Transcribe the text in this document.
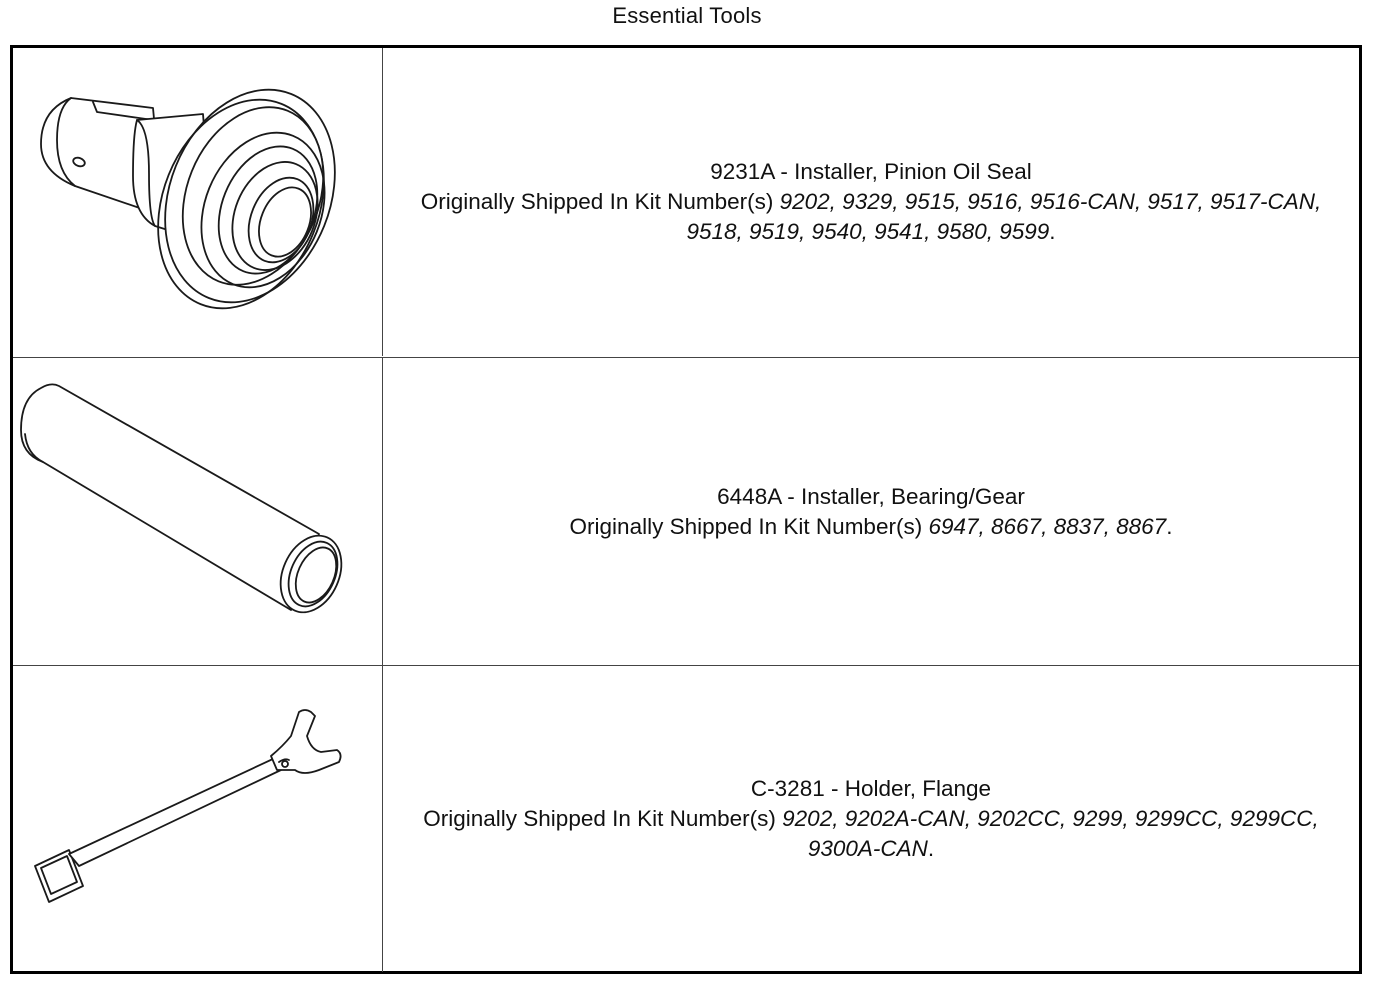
Essential Tools
9231A - Installer, Pinion Oil Seal
Originally Shipped In Kit Number(s) 9202, 9329, 9515, 9516, 9516-CAN, 9517, 9517-CAN, 9518, 9519, 9540, 9541, 9580, 9599.
6448A - Installer, Bearing/Gear
Originally Shipped In Kit Number(s) 6947, 8667, 8837, 8867.
C-3281 - Holder, Flange
Originally Shipped In Kit Number(s) 9202, 9202A-CAN, 9202CC, 9299, 9299CC, 9299CC, 9300A-CAN.
